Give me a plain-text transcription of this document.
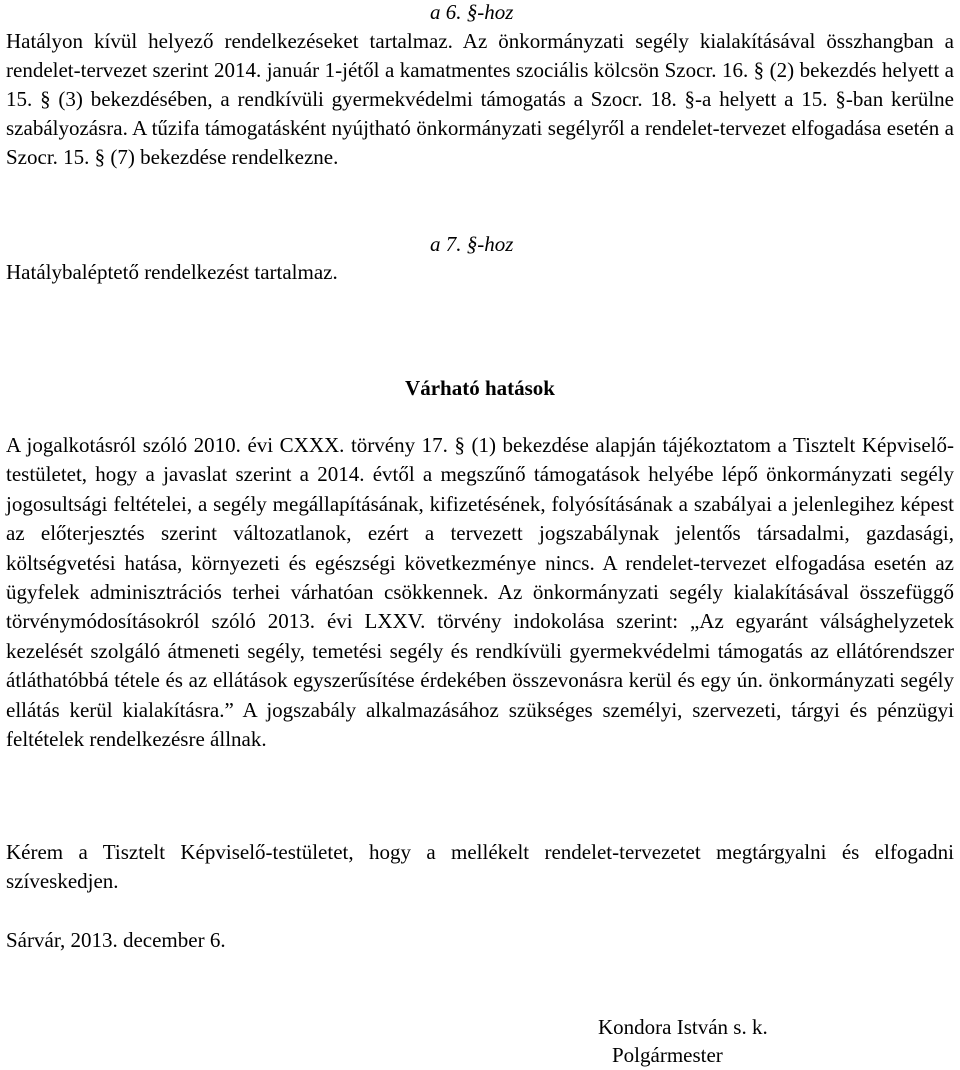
a 6. §-hoz

Hatályon kívül helyező rendelkezéseket tartalmaz. Az önkormányzati segély kialakításával összhangban a rendelet-tervezet szerint 2014. január 1-jétől a kamatmentes szociális kölcsön Szocr. 16. § (2) bekezdés helyett a 15. § (3) bekezdésében, a rendkívüli gyermekvédelmi támogatás a Szocr. 18. §-a helyett a 15. §-ban kerülne szabályozásra. A tűzifa támogatásként nyújtható önkormányzati segélyről a rendelet-tervezet elfogadása esetén a Szocr. 15. § (7) bekezdése rendelkezne.

a 7. §-hoz

Hatálybaléptető rendelkezést tartalmaz.

Várható hatások

A jogalkotásról szóló 2010. évi CXXX. törvény 17. § (1) bekezdése alapján tájékoztatom a Tisztelt Képviselő-testületet, hogy a javaslat szerint a 2014. évtől a megszűnő támogatások helyébe lépő önkormányzati segély jogosultsági feltételei, a segély megállapításának, kifizetésének, folyósításának a szabályai a jelenlegihez képest az előterjesztés szerint változatlanok, ezért a tervezett jogszabálynak jelentős társadalmi, gazdasági, költségvetési hatása, környezeti és egészségi következménye nincs. A rendelet-tervezet elfogadása esetén az ügyfelek adminisztrációs terhei várhatóan csökkennek. Az önkormányzati segély kialakításával összefüggő törvénymódosításokról szóló 2013. évi LXXV. törvény indokolása szerint: „Az egyaránt válsághelyzetek kezelését szolgáló átmeneti segély, temetési segély és rendkívüli gyermekvédelmi támogatás az ellátórendszer átláthatóbbá tétele és az ellátások egyszerűsítése érdekében összevonásra kerül és egy ún. önkormányzati segély ellátás kerül kialakításra.” A jogszabály alkalmazásához szükséges személyi, szervezeti, tárgyi és pénzügyi feltételek rendelkezésre állnak.

Kérem a Tisztelt Képviselő-testületet, hogy a mellékelt rendelet-tervezetet megtárgyalni és elfogadni szíveskedjen.

Sárvár, 2013. december 6.

Kondora István s. k.

Polgármester
